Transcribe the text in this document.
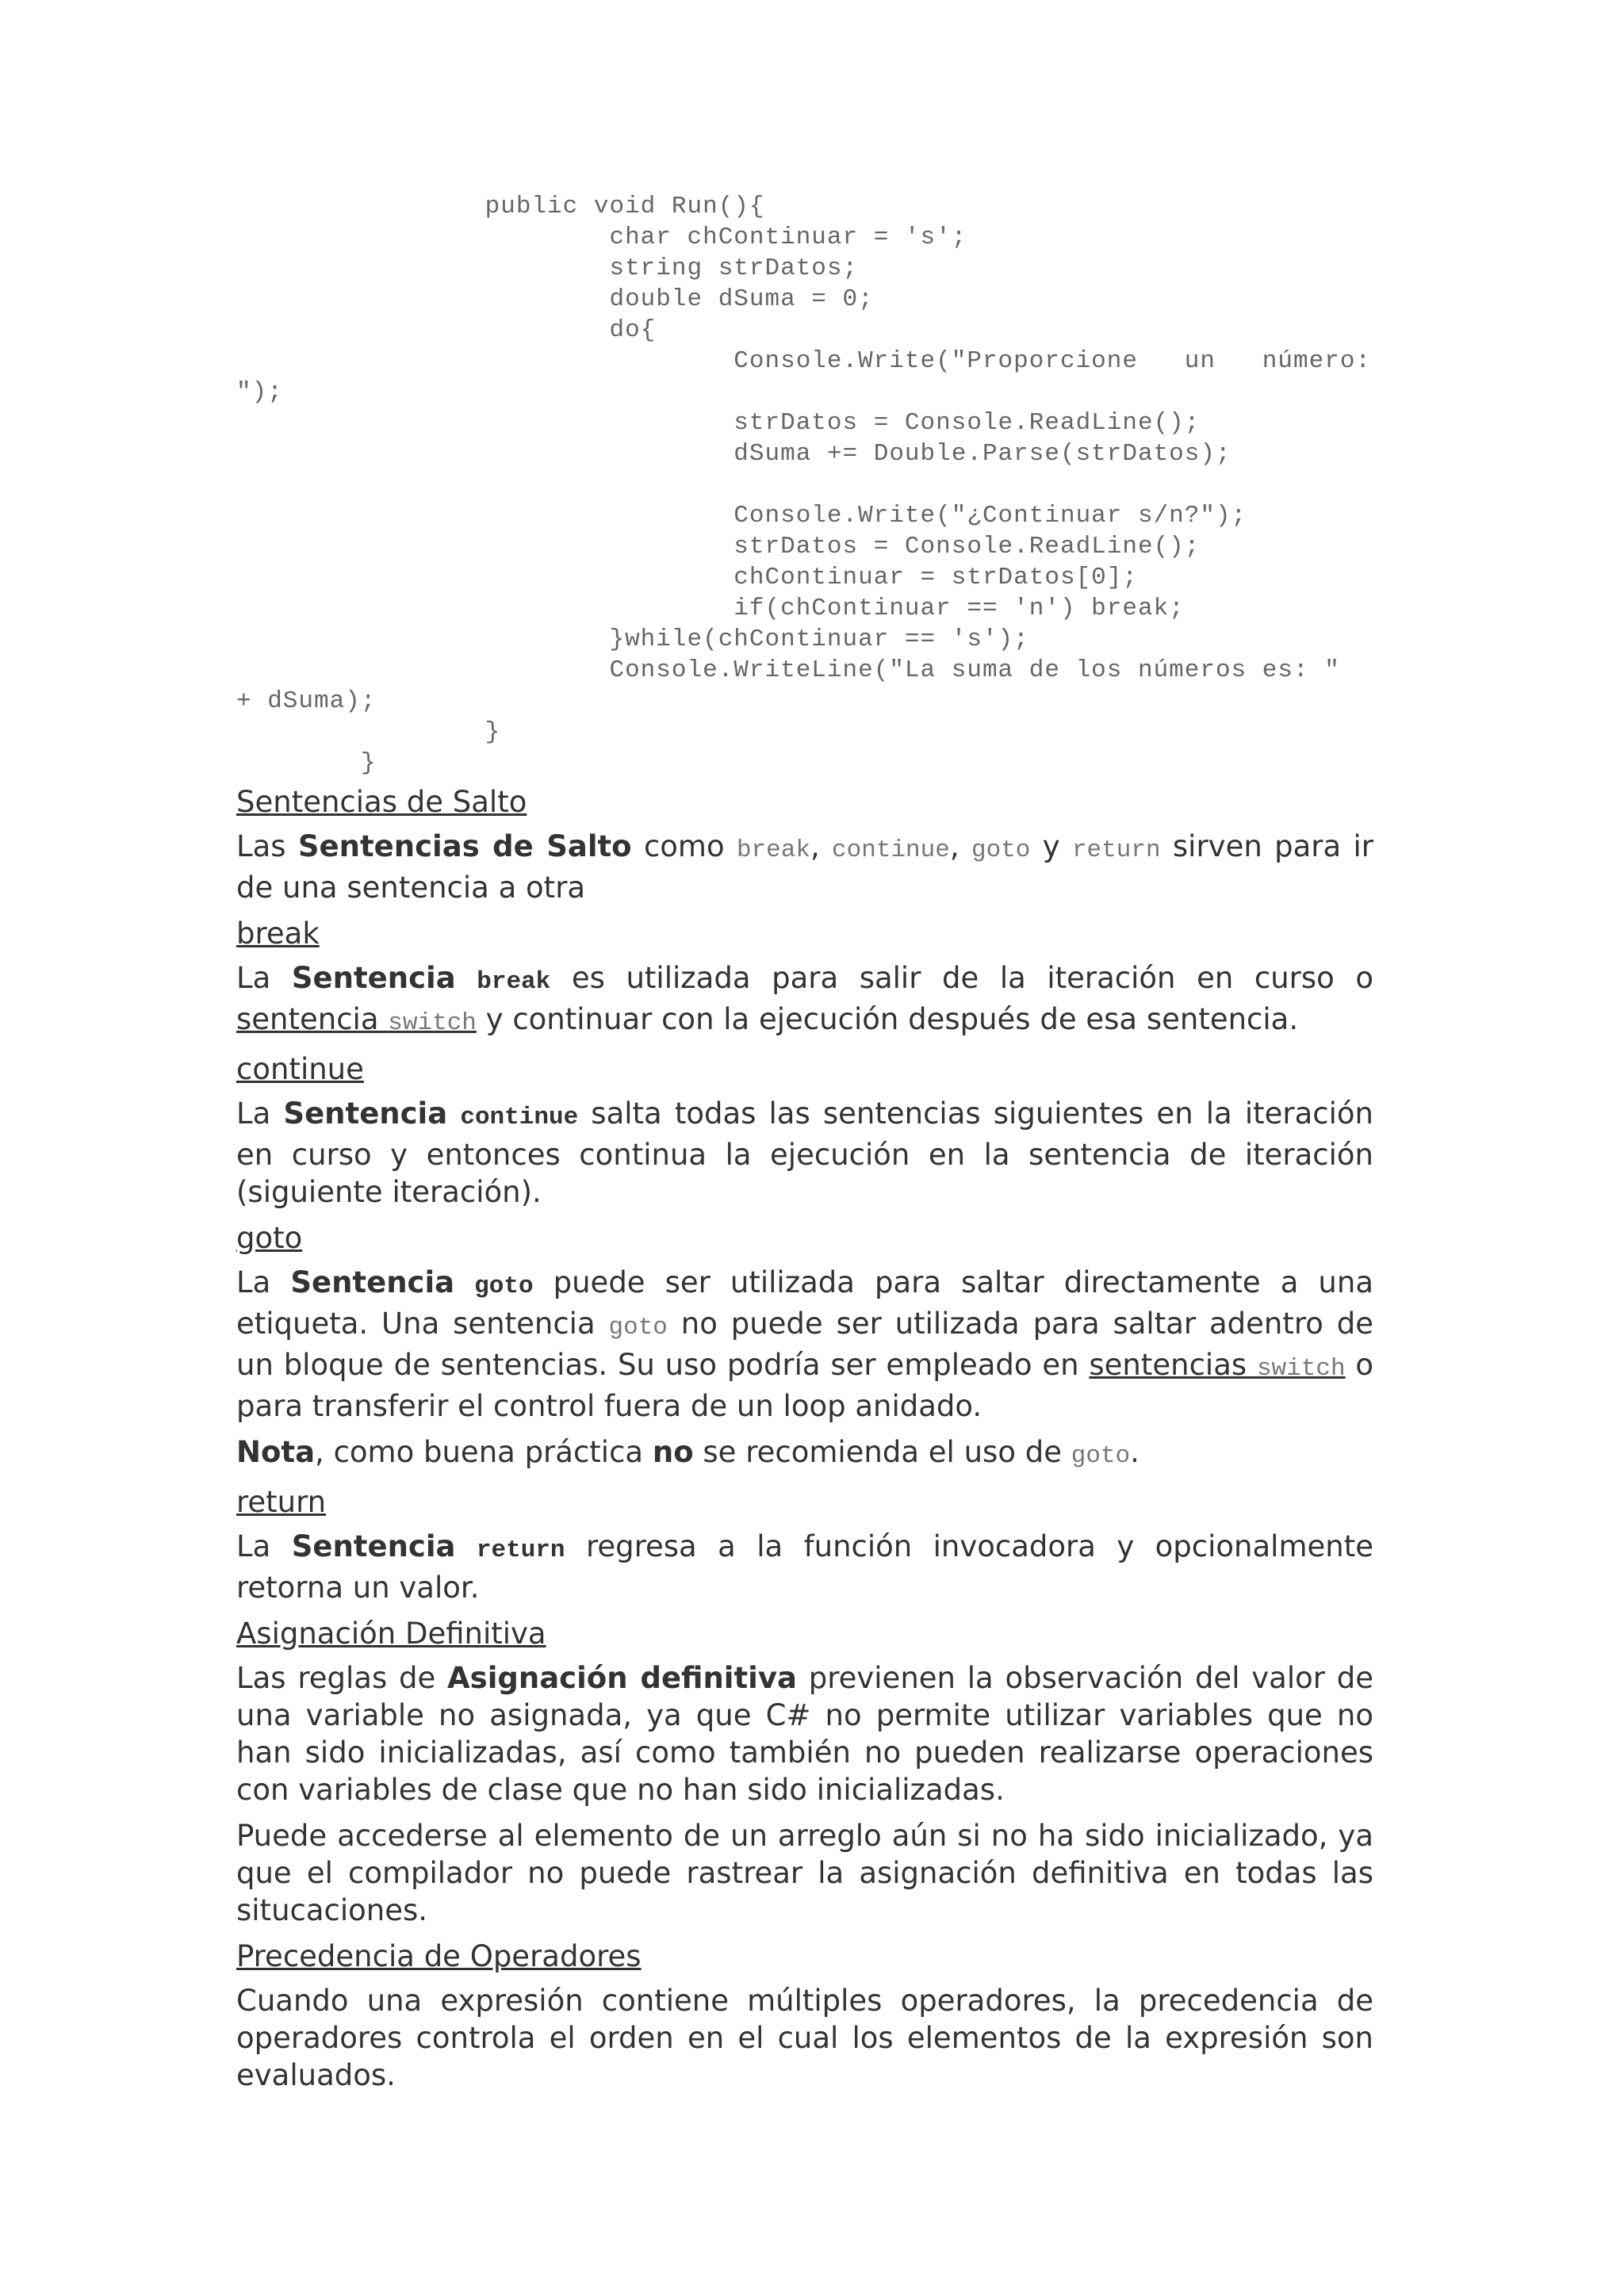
public void Run(){
char chContinuar = 's';
string strDatos;
double dSuma = 0;
do{
Console.Write("Proporcione   un   número:
");
strDatos = Console.ReadLine();
dSuma += Double.Parse(strDatos);
Console.Write("¿Continuar s/n?");
strDatos = Console.ReadLine();
chContinuar = strDatos[0];
if(chContinuar == 'n') break;
}while(chContinuar == 's');
Console.WriteLine("La suma de los números es: "
+ dSuma);
}
}
Sentencias de Salto
Las Sentencias de Salto como break, continue, goto y return sirven para ir de una sentencia a otra
break
La Sentencia break es utilizada para salir de la iteración en curso o sentencia switch y continuar con la ejecución después de esa sentencia.
continue
La Sentencia continue salta todas las sentencias siguientes en la iteración en curso y entonces continua la ejecución en la sentencia de iteración (siguiente iteración).
goto
La Sentencia goto puede ser utilizada para saltar directamente a una etiqueta. Una sentencia goto no puede ser utilizada para saltar adentro de un bloque de sentencias. Su uso podría ser empleado en sentencias switch o para transferir el control fuera de un loop anidado.
Nota, como buena práctica no se recomienda el uso de goto.
return
La Sentencia return regresa a la función invocadora y opcionalmente retorna un valor.
Asignación Definitiva
Las reglas de Asignación definitiva previenen la observación del valor de una variable no asignada, ya que C# no permite utilizar variables que no han sido inicializadas, así como también no pueden realizarse operaciones con variables de clase que no han sido inicializadas.
Puede accederse al elemento de un arreglo aún si no ha sido inicializado, ya que el compilador no puede rastrear la asignación definitiva en todas las situcaciones.
Precedencia de Operadores
Cuando una expresión contiene múltiples operadores, la precedencia de operadores controla el orden en el cual los elementos de la expresión son evaluados.
